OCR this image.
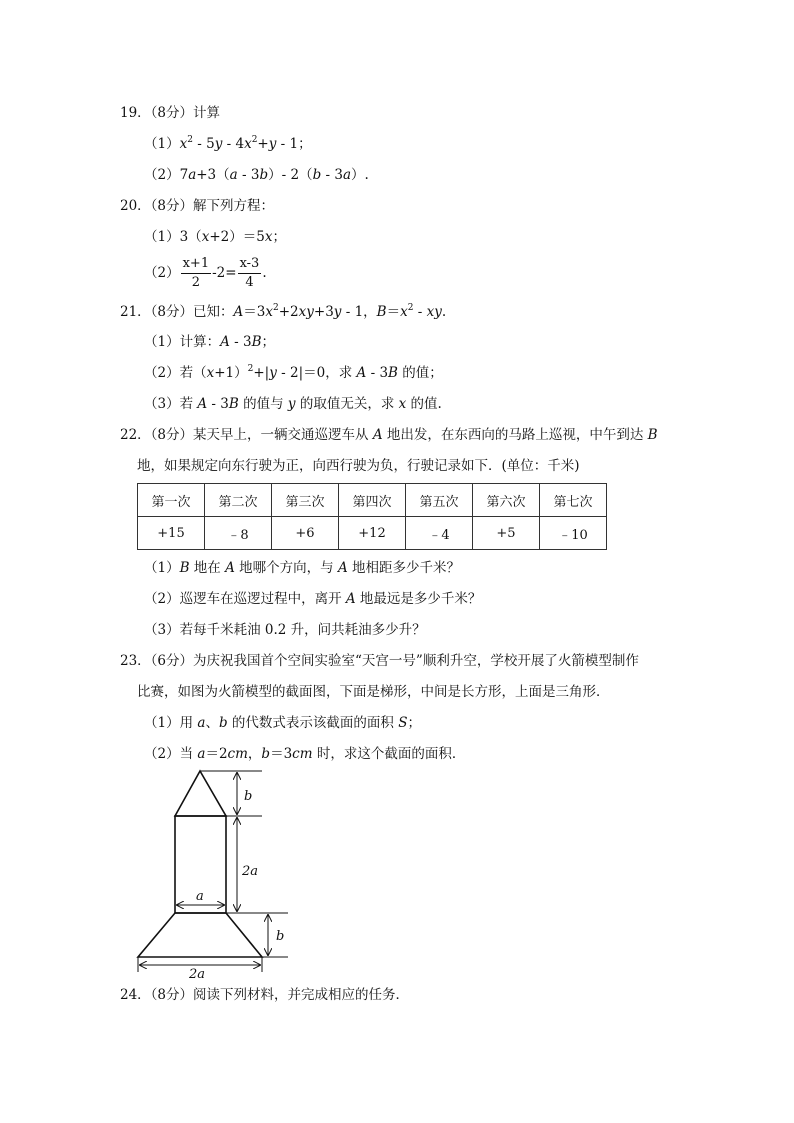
19．（8分）计算
$(1)x^2 - 5y - 4x^2+y - 1$；
（2）7a+3（a - 3b）- 2（b - 3a）.
20．（8分）解下列方程：
（1）3（x+2）＝5x；
$(2) \frac{x+1}{2} -2= \frac{x-3}{4}$ .
21．（8分）已知：$A=3x^2+2xy+3y - 1$，$B=x^2$ - xy.
（1）计算：A - 3B；
（2）若$(x+1)^2+|y - 2|=0$，求 A - 3B 的值；
（3）若 A - 3B 的值与 y 的取值无关，求 x 的值.
22．（8分）某天早上，一辆交通巡逻车从 A 地出发，在东西向的马路上巡视，中午到达 B
地，如果规定向东行驶为正，向西行驶为负，行驶记录如下．(单位：千米)
第一次	第二次	第三次	第四次	第五次	第六次	第七次
+15	﹣8	+6	+12	﹣4	+5	﹣10
（1）B 地在 A 地哪个方向，与 A 地相距多少千米？
（2）巡逻车在巡逻过程中，离开 A 地最远是多少千米？
（3）若每千米耗油 0.2 升，问共耗油多少升？
23．（6分）为庆祝我国首个空间实验室“天宫一号”顺利升空，学校开展了火箭模型制作
比赛，如图为火箭模型的截面图，下面是梯形，中间是长方形，上面是三角形．
（1）用 a、b 的代数式表示该截面的面积 S；
（2）当 a＝2cm，b＝3cm 时，求这个截面的面积．
b
2a
a
b
2a
24．（8分）阅读下列材料，并完成相应的任务．
